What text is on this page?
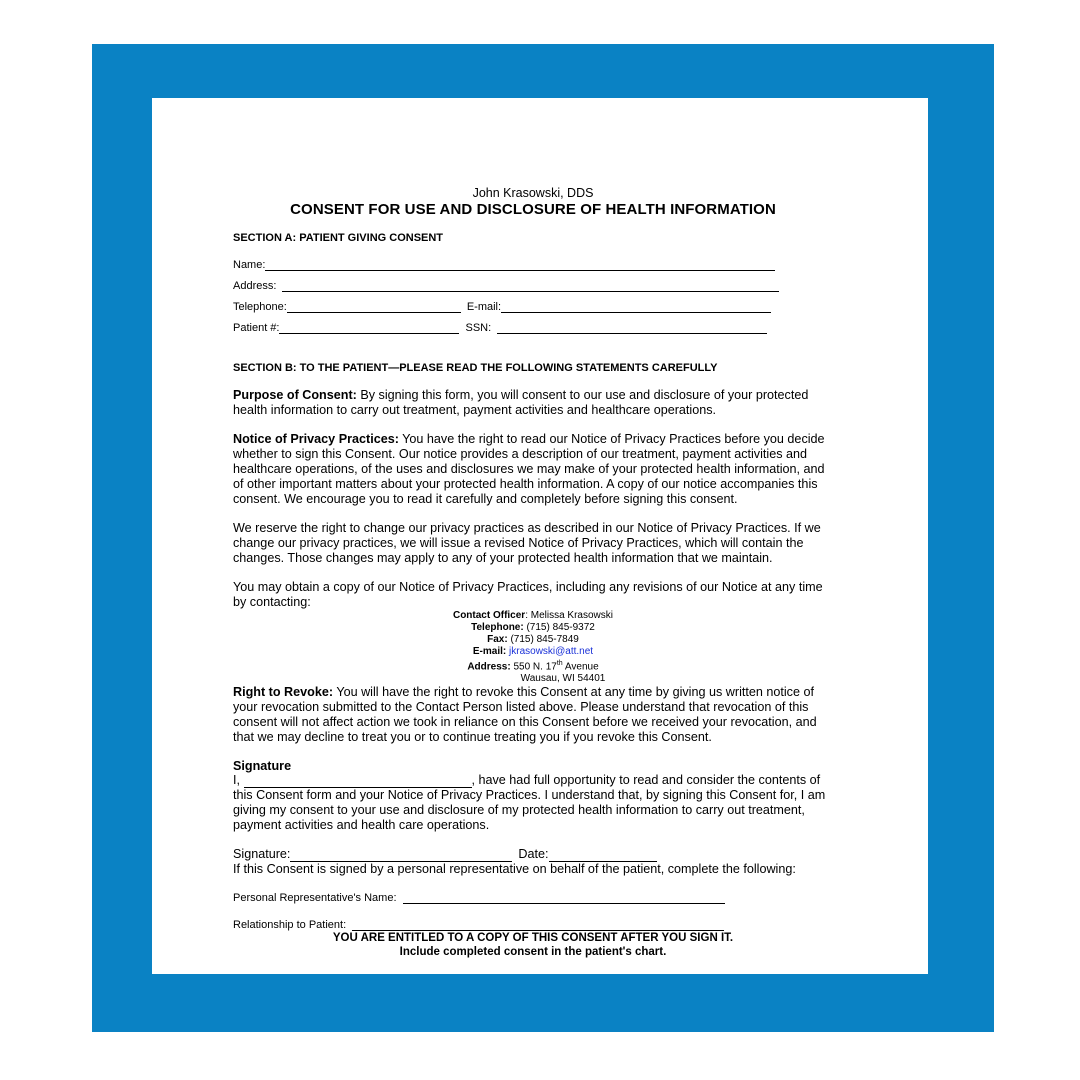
John Krasowski, DDS
CONSENT FOR USE AND DISCLOSURE OF HEALTH INFORMATION
SECTION A: PATIENT GIVING CONSENT
Name:
Address:
Telephone:	E-mail:
Patient #:	SSN:
SECTION B: TO THE PATIENT—PLEASE READ THE FOLLOWING STATEMENTS CAREFULLY
Purpose of Consent: By signing this form, you will consent to our use and disclosure of your protected health information to carry out treatment, payment activities and healthcare operations.
Notice of Privacy Practices: You have the right to read our Notice of Privacy Practices before you decide whether to sign this Consent. Our notice provides a description of our treatment, payment activities and healthcare operations, of the uses and disclosures we may make of your protected health information, and of other important matters about your protected health information. A copy of our notice accompanies this consent. We encourage you to read it carefully and completely before signing this consent.
We reserve the right to change our privacy practices as described in our Notice of Privacy Practices. If we change our privacy practices, we will issue a revised Notice of Privacy Practices, which will contain the changes. Those changes may apply to any of your protected health information that we maintain.
You may obtain a copy of our Notice of Privacy Practices, including any revisions of our Notice at any time by contacting:
Contact Officer: Melissa Krasowski
Telephone: (715) 845-9372
Fax: (715) 845-7849
E-mail: jkrasowski@att.net
Address: 550 N. 17th Avenue
Wausau, WI 54401
Right to Revoke: You will have the right to revoke this Consent at any time by giving us written notice of your revocation submitted to the Contact Person listed above. Please understand that revocation of this consent will not affect action we took in reliance on this Consent before we received your revocation, and that we may decline to treat you or to continue treating you if you revoke this Consent.
Signature
I,	, have had full opportunity to read and consider the contents of this Consent form and your Notice of Privacy Practices. I understand that, by signing this Consent for, I am giving my consent to your use and disclosure of my protected health information to carry out treatment, payment activities and health care operations.
Signature:	Date:
If this Consent is signed by a personal representative on behalf of the patient, complete the following:
Personal Representative's Name:
Relationship to Patient:
YOU ARE ENTITLED TO A COPY OF THIS CONSENT AFTER YOU SIGN IT.
Include completed consent in the patient's chart.
